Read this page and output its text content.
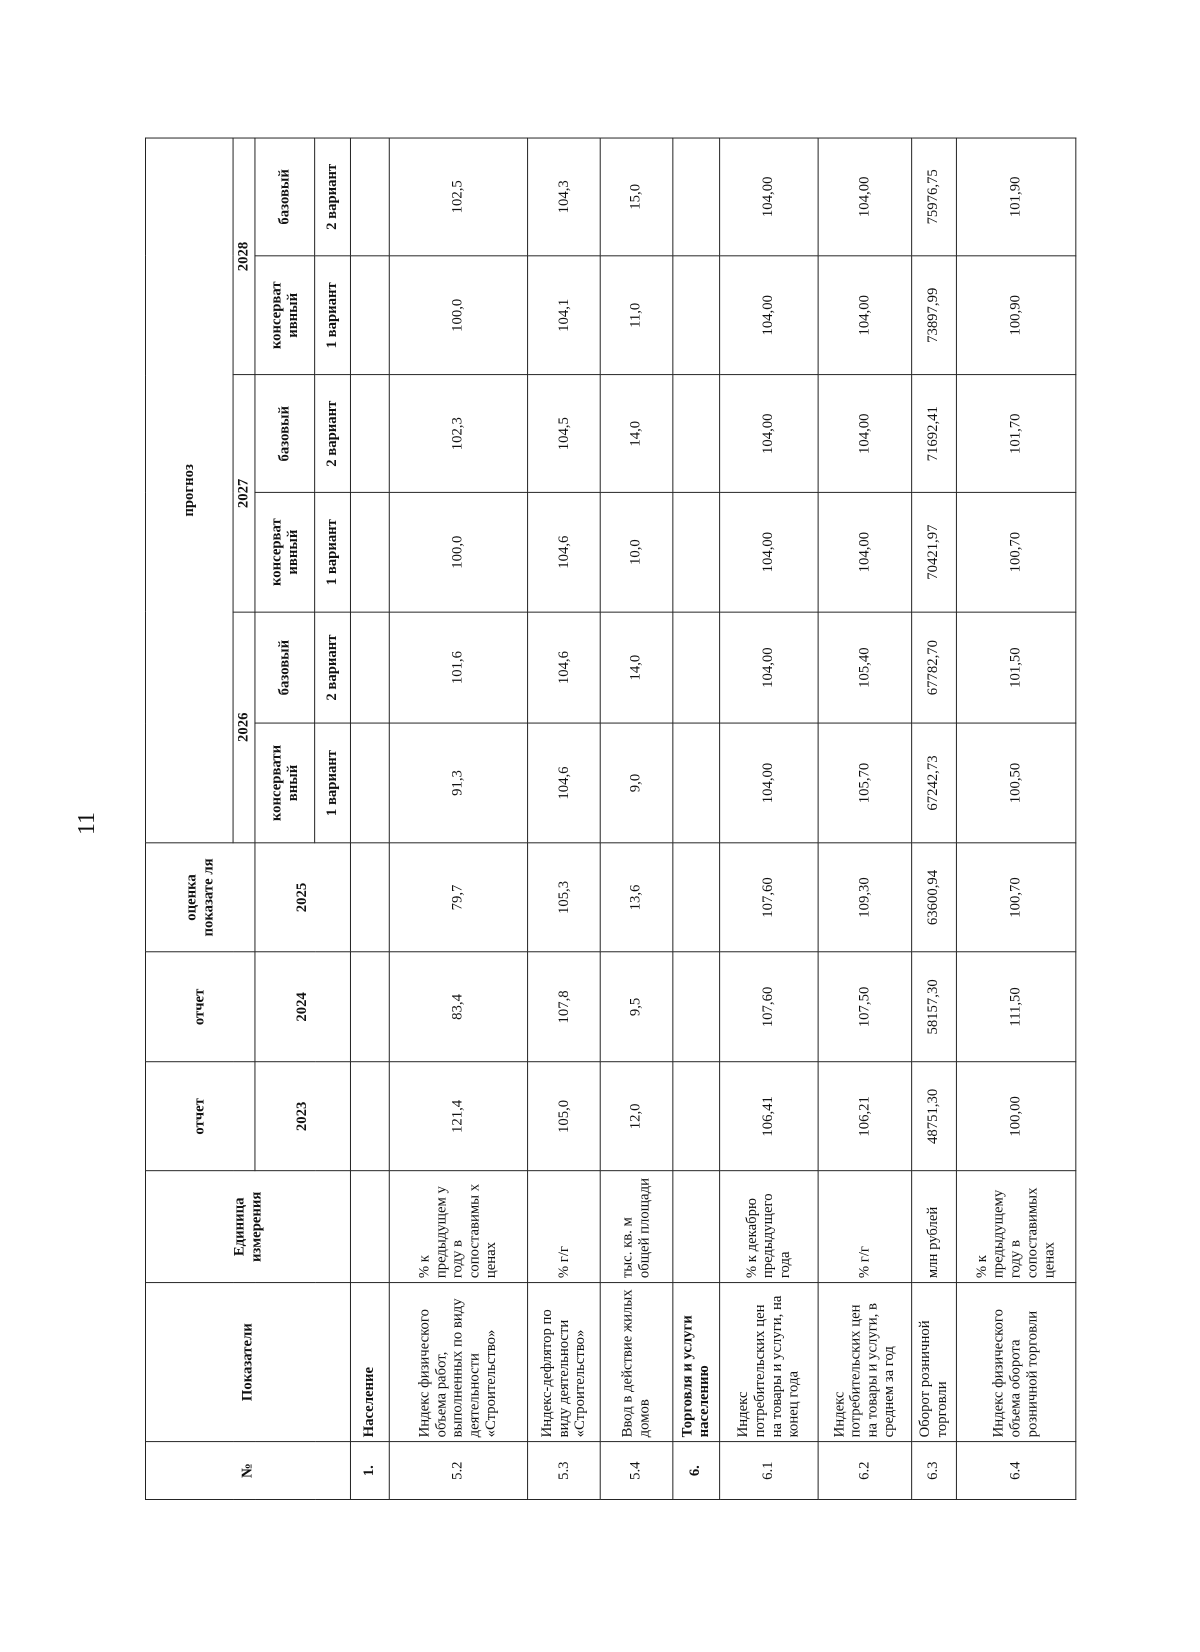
11
№	Показатели	Единица измерения	отчет	отчет	оценка показате ля	прогноз					
						2026		2027		2028	
			2023	2024	2025	консервати вный	базовый	консерват ивный	базовый	консерват ивный	базовый
						1 вариант	2 вариант	1 вариант	2 вариант	1 вариант	2 вариант
1.	Население										
5.2	Индекс физического объема работ, выполненных по виду деятельности «Строительство»	% к предыдущем у году в сопоставимы х ценах	121,4	83,4	79,7	91,3	101,6	100,0	102,3	100,0	102,5
5.3	Индекс-дефлятор по виду деятельности «Строительство»	% г/г	105,0	107,8	105,3	104,6	104,6	104,6	104,5	104,1	104,3
5.4	Ввод в действие жилых домов	тыс. кв. м общей площади	12,0	9,5	13,6	9,0	14,0	10,0	14,0	11,0	15,0
6.	Торговля и услуги населению										
6.1	Индекс потребительских цен на товары и услуги, на конец года	% к декабрю предыдущего года	106,41	107,60	107,60	104,00	104,00	104,00	104,00	104,00	104,00
6.2	Индекс потребительских цен на товары и услуги, в среднем за год	% г/г	106,21	107,50	109,30	105,70	105,40	104,00	104,00	104,00	104,00
6.3	Оборот розничной торговли	млн рублей	48751,30	58157,30	63600,94	67242,73	67782,70	70421,97	71692,41	73897,99	75976,75
6.4	Индекс физического объема оборота розничной торговли	% к предыдущему году в сопоставимых ценах	100,00	111,50	100,70	100,50	101,50	100,70	101,70	100,90	101,90
